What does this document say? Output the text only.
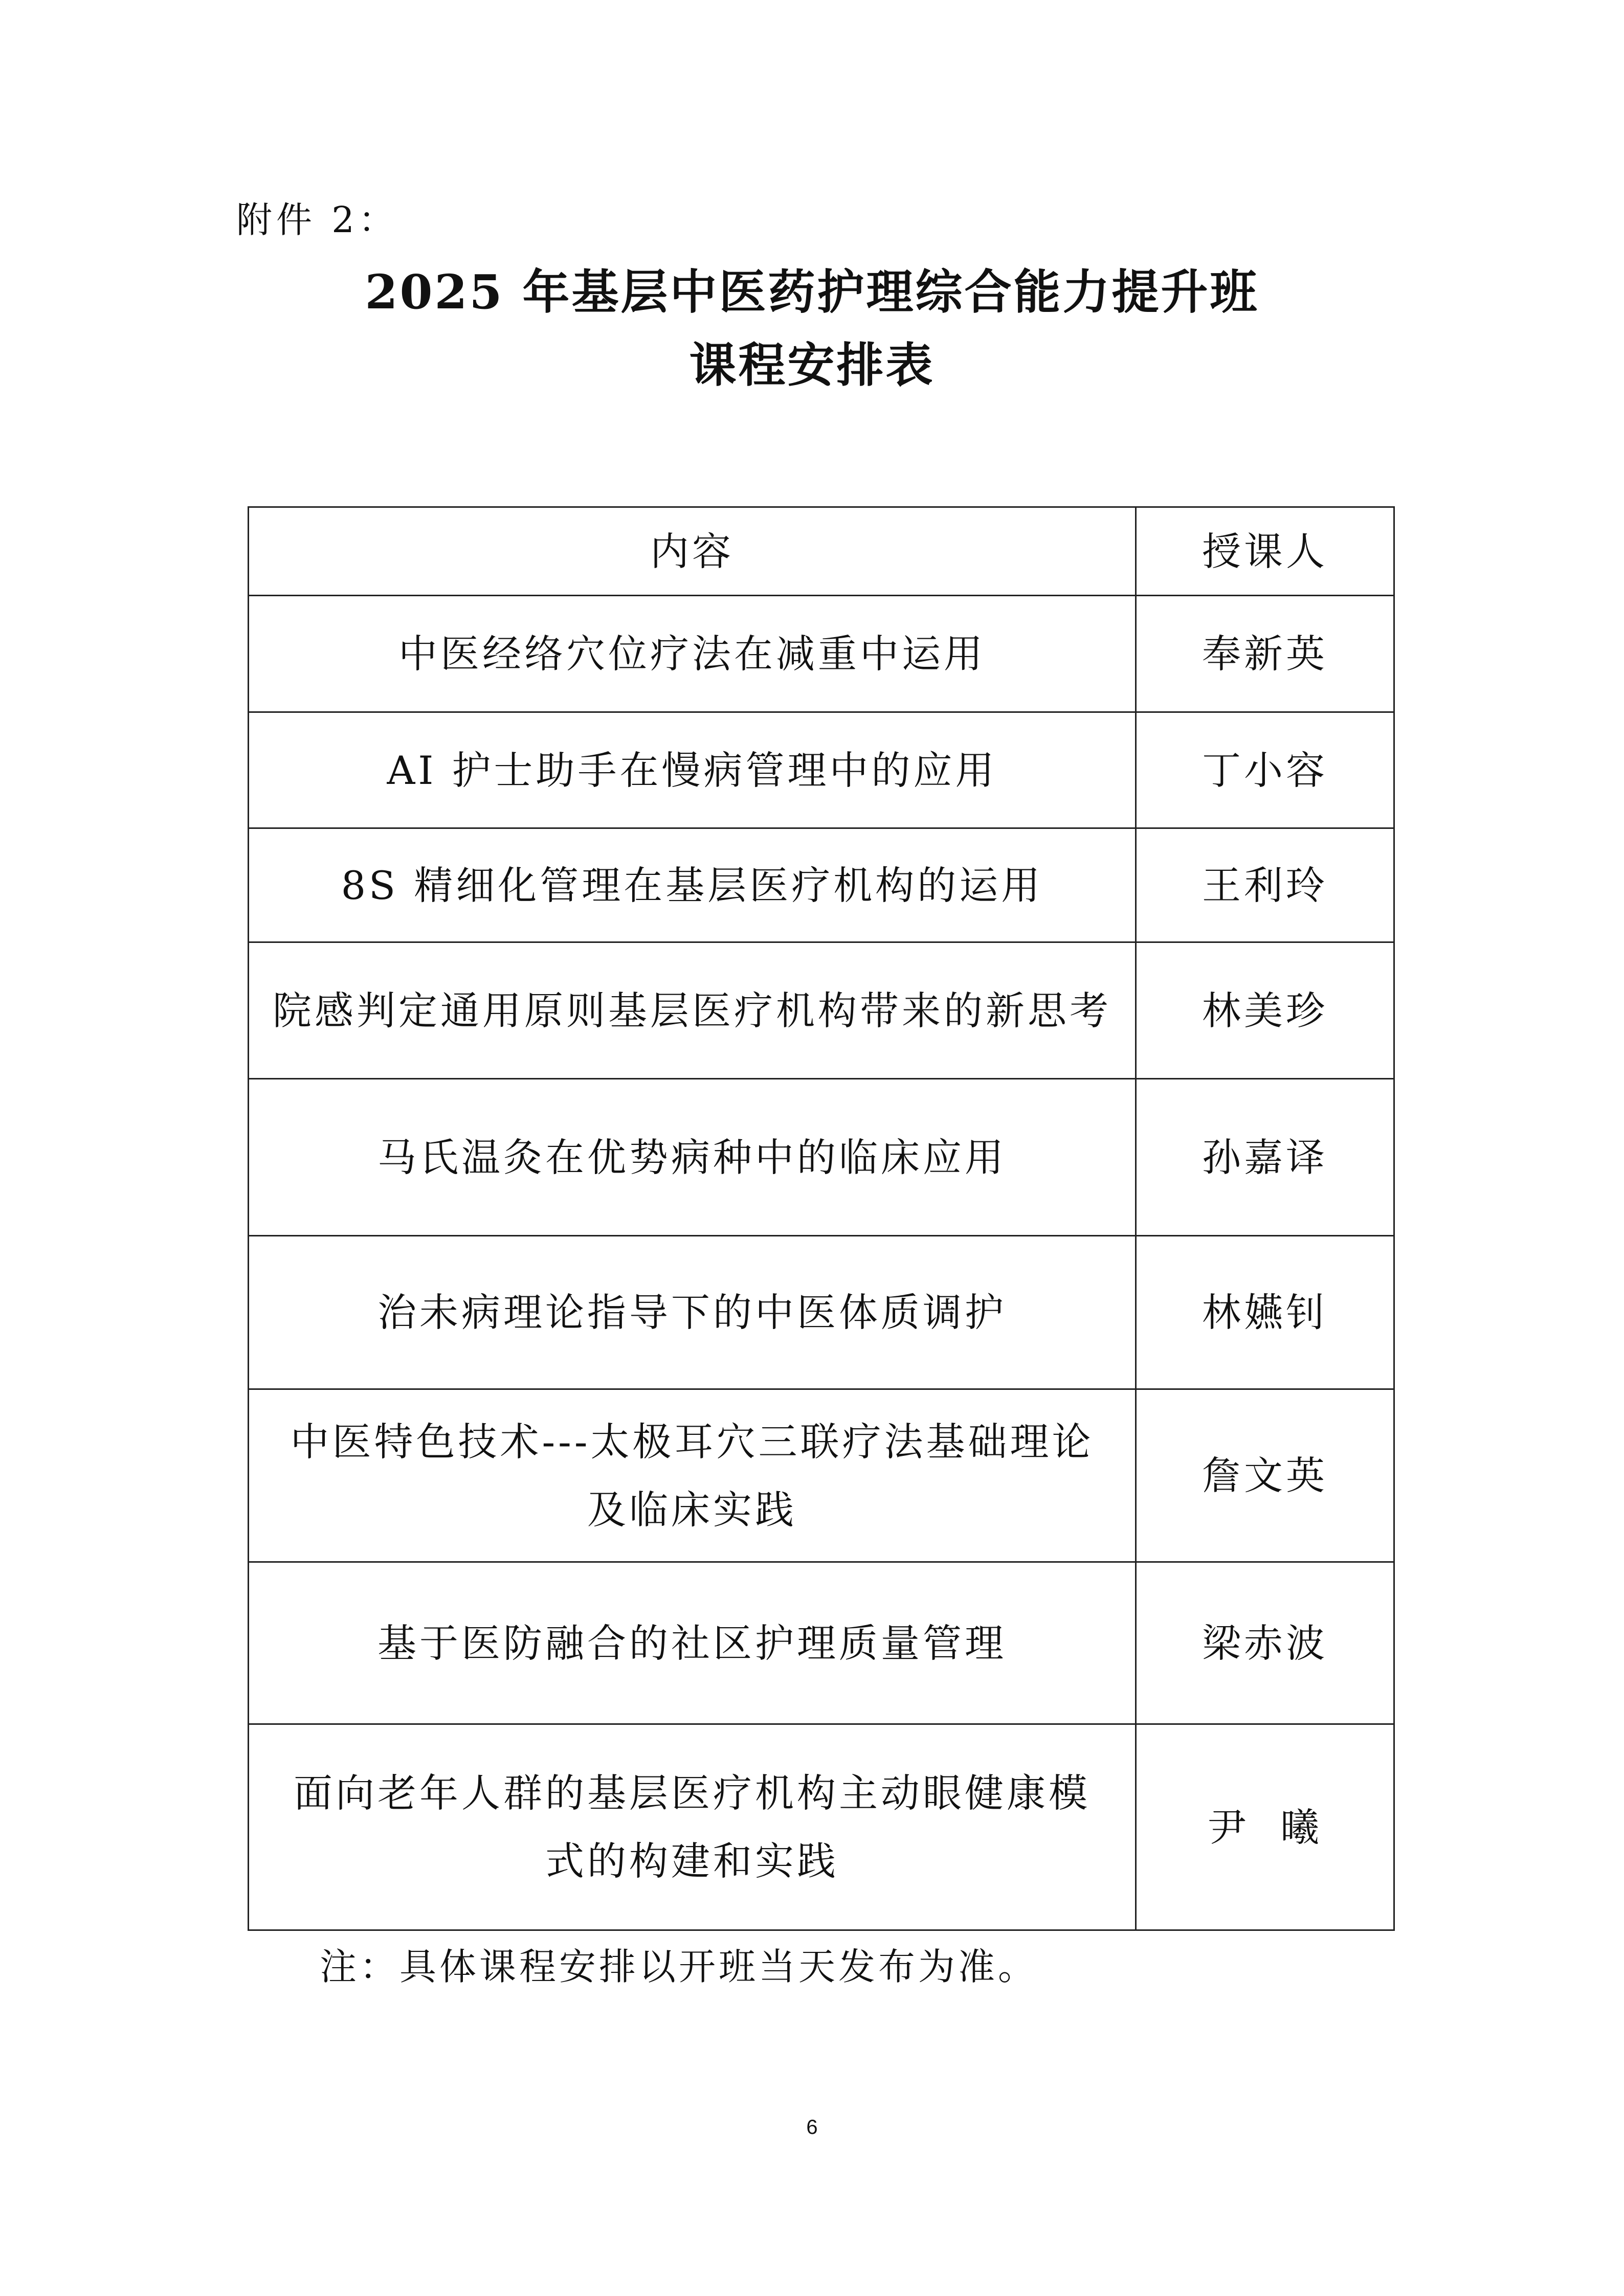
附件 2：
2025 年基层中医药护理综合能力提升班
课程安排表
内容	授课人
中医经络穴位疗法在减重中运用	奉新英
AI 护士助手在慢病管理中的应用	丁小容
8S 精细化管理在基层医疗机构的运用	王利玲
院感判定通用原则基层医疗机构带来的新思考	林美珍
马氏温灸在优势病种中的临床应用	孙嘉译
治未病理论指导下的中医体质调护	林嬿钊
中医特色技术---太极耳穴三联疗法基础理论及临床实践	詹文英
基于医防融合的社区护理质量管理	梁赤波
面向老年人群的基层医疗机构主动眼健康模式的构建和实践	尹  曦
注：具体课程安排以开班当天发布为准。
6
